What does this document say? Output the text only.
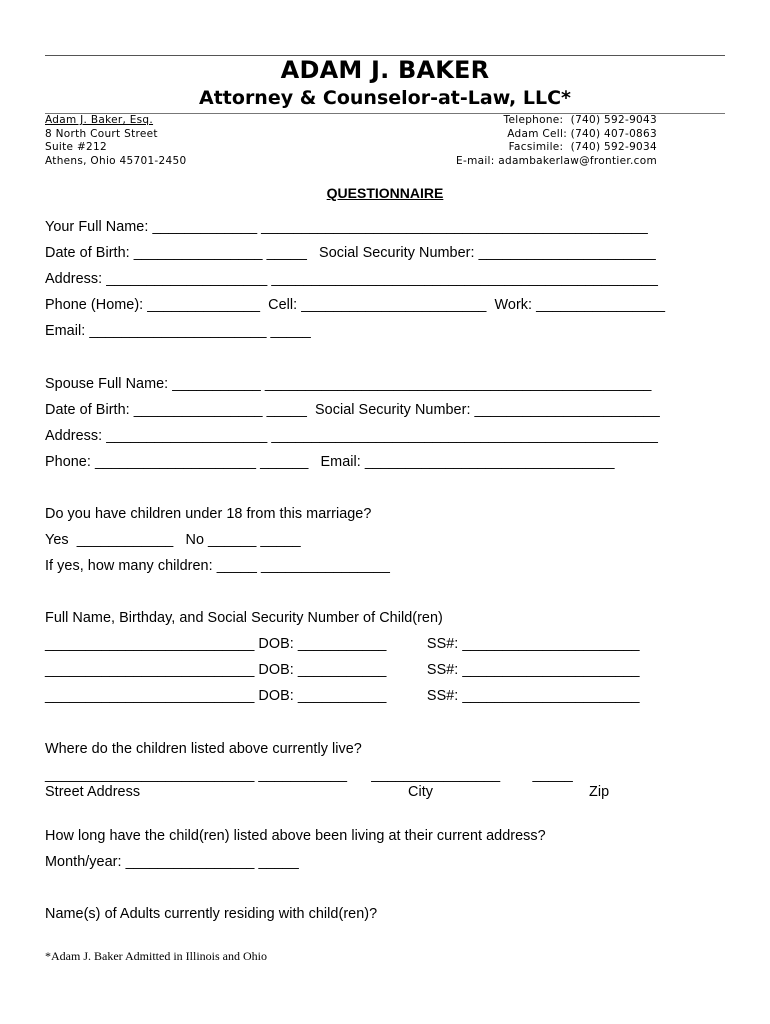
ADAM J. BAKER
Attorney & Counselor-at-Law, LLC*
Adam J. Baker, Esq.
8 North Court Street
Suite #212
Athens, Ohio 45701-2450
Telephone:  (740) 592-9043
Adam Cell: (740) 407-0863
Facsimile:  (740) 592-9034
E-mail: adambakerlaw@frontier.com
QUESTIONNAIRE
Your Full Name: _____________ ________________________________________________
Date of Birth: ________________ _____   Social Security Number: ______________________
Address: ____________________ ________________________________________________
Phone (Home): ______________  Cell: _______________________  Work: ________________
Email: ______________________ _____
Spouse Full Name: ___________ ________________________________________________
Date of Birth: ________________ _____  Social Security Number: _______________________
Address: ____________________ ________________________________________________
Phone: ____________________ ______   Email: _______________________________
Do you have children under 18 from this marriage?
Yes  ____________   No ______ _____
If yes, how many children: _____ ________________
Full Name, Birthday, and Social Security Number of Child(ren)
__________________________ DOB: ___________          SS#: ______________________
__________________________ DOB: ___________          SS#: ______________________
__________________________ DOB: ___________          SS#: ______________________
Where do the children listed above currently live?
__________________________ ___________      ________________        _____
Street Address	City	Zip
How long have the child(ren) listed above been living at their current address?
Month/year: ________________ _____
Name(s) of Adults currently residing with child(ren)?
*Adam J. Baker Admitted in Illinois and Ohio
